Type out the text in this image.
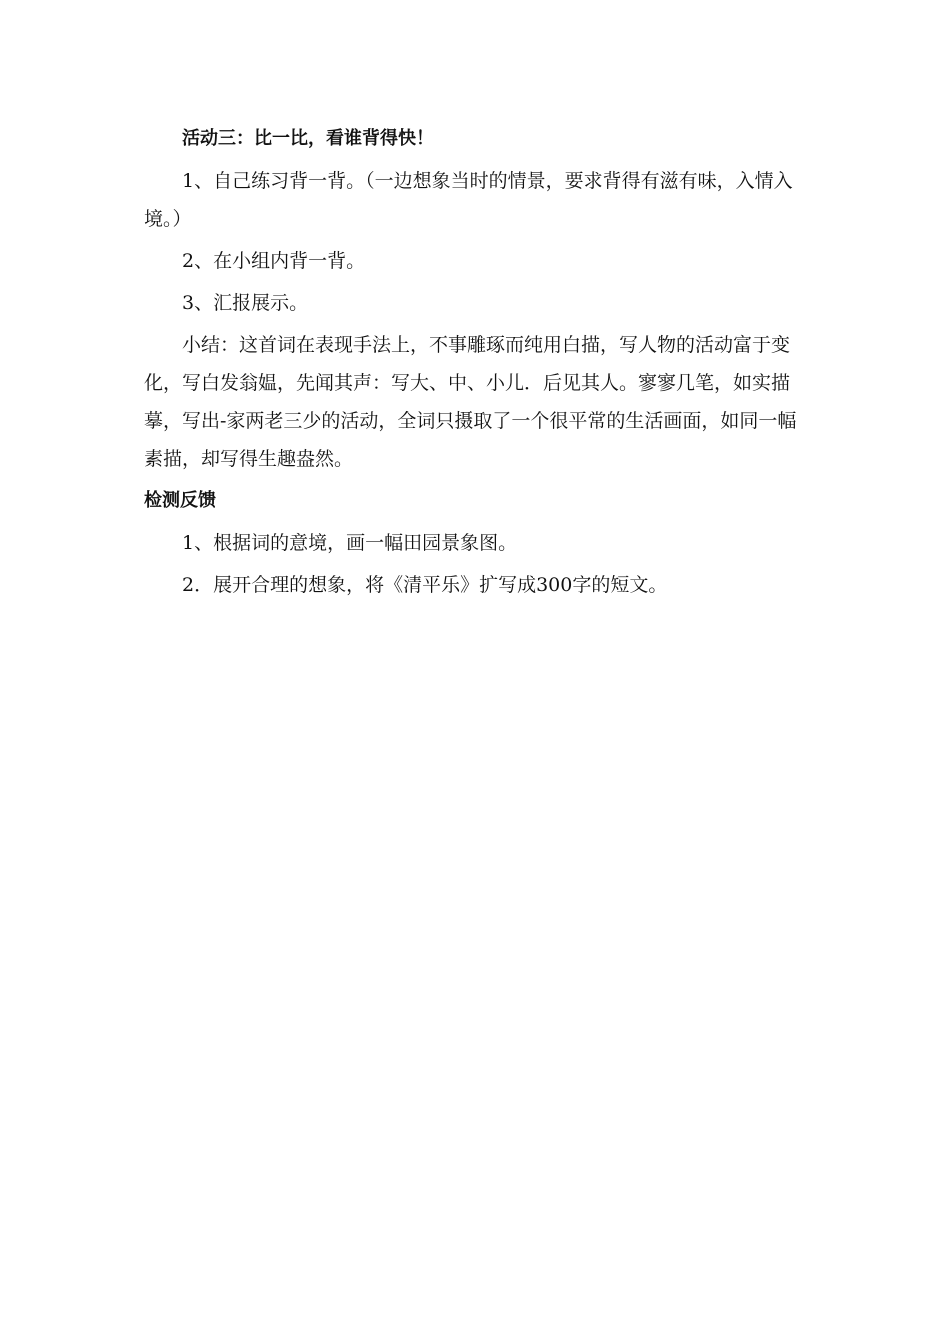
活动三：比一比，看谁背得快！
1、自己练习背一背。（一边想象当时的情景，要求背得有滋有味，入情入
境。）
2、在小组内背一背。
3、汇报展示。
小结：这首词在表现手法上，不事雕琢而纯用白描，写人物的活动富于变
化，写白发翁媪，先闻其声：写大、中、小儿．后见其人。寥寥几笔，如实描
摹，写出-家两老三少的活动，全词只摄取了一个很平常的生活画面，如同一幅
素描，却写得生趣盎然。
检测反馈
1、根据词的意境，画一幅田园景象图。
2．展开合理的想象，将《清平乐》扩写成300字的短文。
